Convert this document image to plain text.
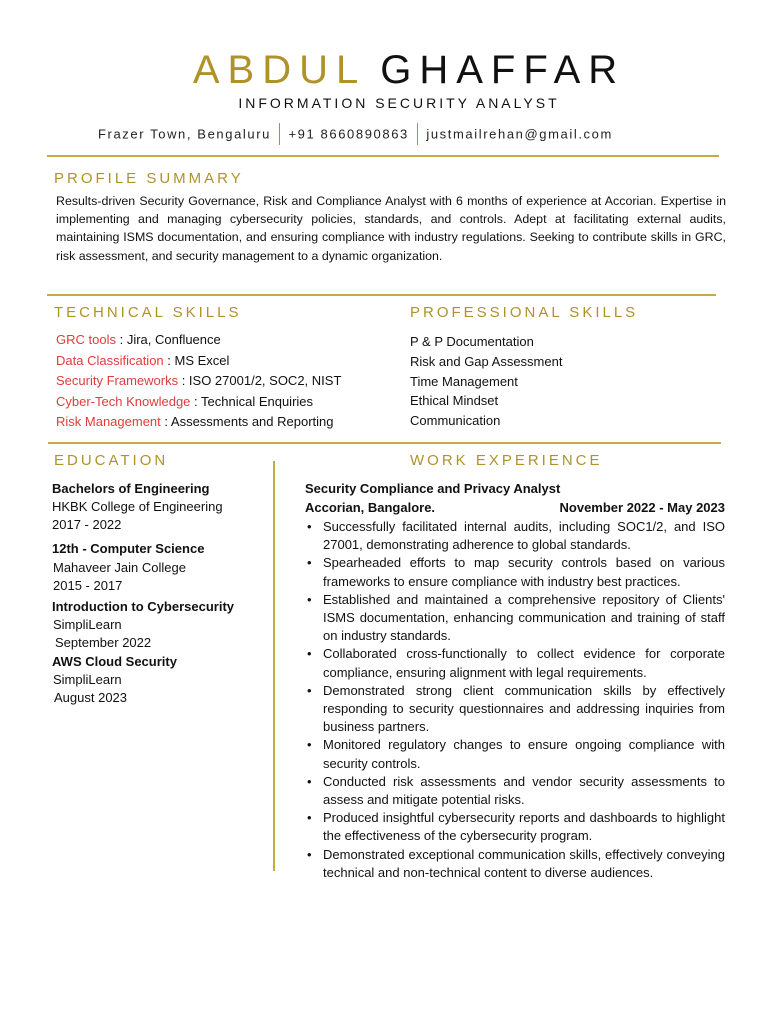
ABDUL GHAFFAR
INFORMATION SECURITY ANALYST
Frazer Town, Bengaluru +91 8660890863 justmailrehan@gmail.com
PROFILE SUMMARY

Results-driven Security Governance, Risk and Compliance Analyst with 6 months of experience at Accorian. Expertise in implementing and managing cybersecurity policies, standards, and controls. Adept at facilitating external audits, maintaining ISMS documentation, and ensuring compliance with industry regulations. Seeking to contribute skills in GRC, risk assessment, and security management to a dynamic organization.

TECHNICAL SKILLS
GRC tools : Jira, Confluence
Data Classification : MS Excel
Security Frameworks : ISO 27001/2, SOC2, NIST
Cyber-Tech Knowledge : Technical Enquiries
Risk Management : Assessments and Reporting
PROFESSIONAL SKILLS
P & P Documentation
Risk and Gap Assessment
Time Management
Ethical Mindset
Communication
EDUCATION
Bachelors of Engineering
HKBK College of Engineering
2017 - 2022
12th - Computer Science
Mahaveer Jain College
2015 - 2017
Introduction to Cybersecurity
SimpliLearn
September 2022
AWS Cloud Security
SimpliLearn
August 2023
WORK EXPERIENCE
Security Compliance and Privacy Analyst
Accorian, Bangalore.	November 2022 - May 2023
• Successfully facilitated internal audits, including SOC1/2, and ISO 27001, demonstrating adherence to global standards.
• Spearheaded efforts to map security controls based on various frameworks to ensure compliance with industry best practices.
• Established and maintained a comprehensive repository of Clients' ISMS documentation, enhancing communication and training of staff on industry standards.
• Collaborated cross-functionally to collect evidence for corporate compliance, ensuring alignment with legal requirements.
• Demonstrated strong client communication skills by effectively responding to security questionnaires and addressing inquiries from business partners.
• Monitored regulatory changes to ensure ongoing compliance with security controls.
• Conducted risk assessments and vendor security assessments to assess and mitigate potential risks.
• Produced insightful cybersecurity reports and dashboards to highlight the effectiveness of the cybersecurity program.
• Demonstrated exceptional communication skills, effectively conveying technical and non-technical content to diverse audiences.
